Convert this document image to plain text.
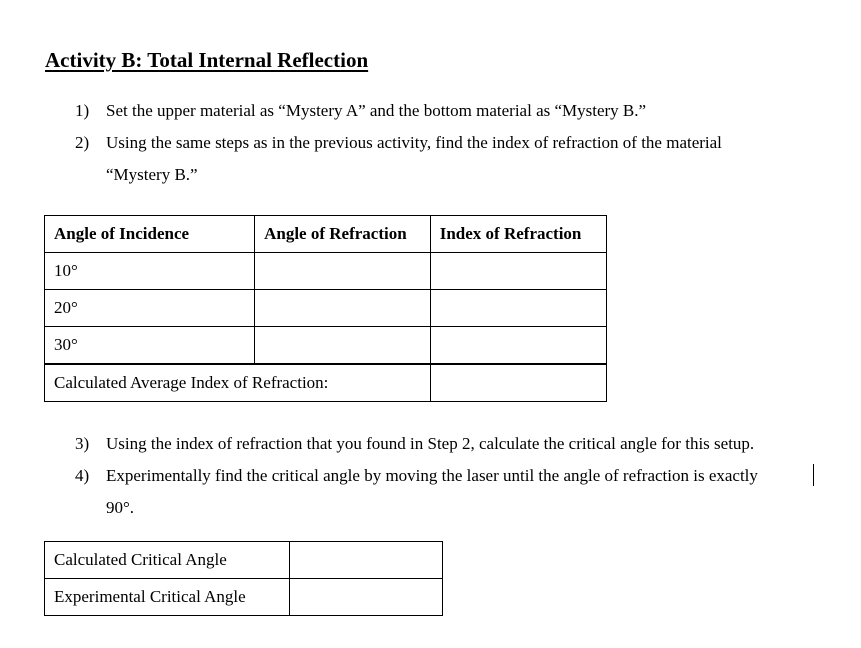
Activity B: Total Internal Reflection
1) Set the upper material as “Mystery A” and the bottom material as “Mystery B.”
2) Using the same steps as in the previous activity, find the index of refraction of the material
“Mystery B.”
Angle of Incidence	Angle of Refraction	Index of Refraction
10°		
20°		
30°		
Calculated Average Index of Refraction:		
3) Using the index of refraction that you found in Step 2, calculate the critical angle for this setup.
4) Experimentally find the critical angle by moving the laser until the angle of refraction is exactly
90°.
Calculated Critical Angle	
Experimental Critical Angle	
